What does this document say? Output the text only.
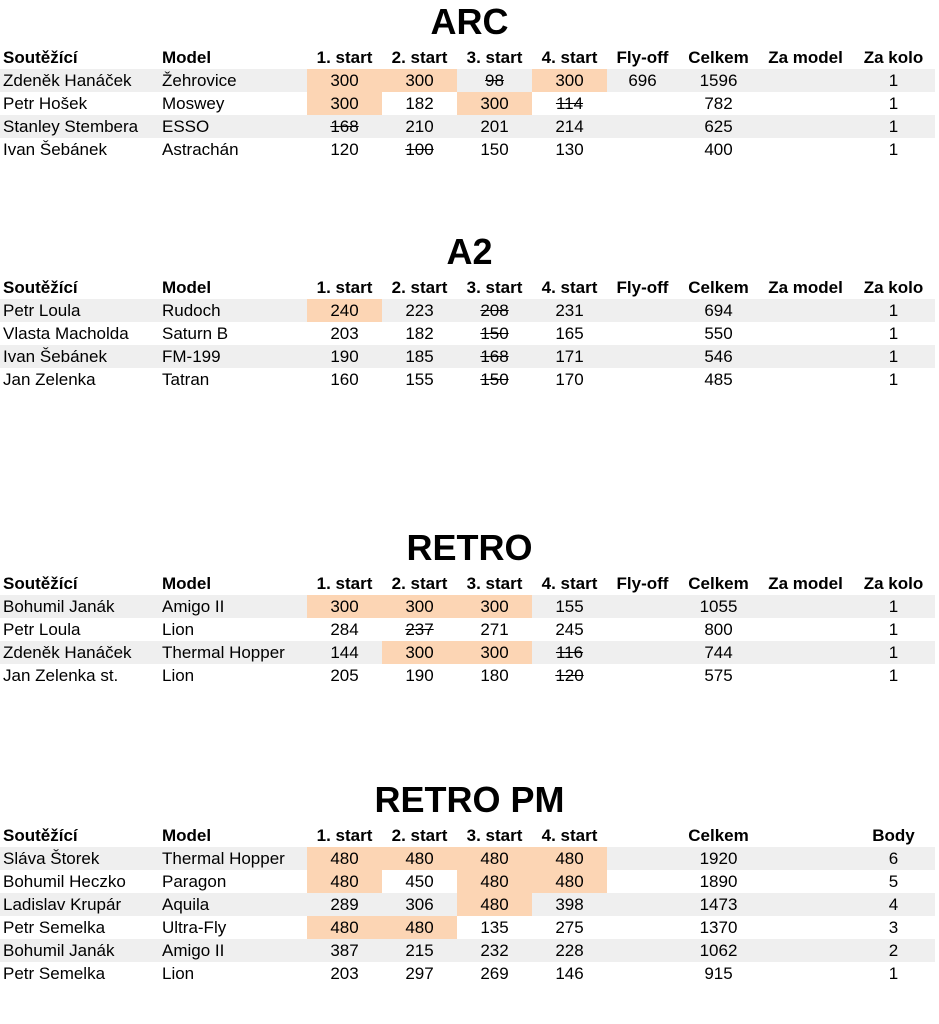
ARC
Soutěžící	Model	1. start	2. start	3. start	4. start	Fly-off	Celkem	Za model	Za kolo
Zdeněk Hanáček	Žehrovice	300	300	98	300	696	1596		1
Petr Hošek	Moswey	300	182	300	114		782		1
Stanley Stembera	ESSO	168	210	201	214		625		1
Ivan Šebánek	Astrachán	120	100	150	130		400		1
A2
Soutěžící	Model	1. start	2. start	3. start	4. start	Fly-off	Celkem	Za model	Za kolo
Petr Loula	Rudoch	240	223	208	231		694		1
Vlasta Macholda	Saturn B	203	182	150	165		550		1
Ivan Šebánek	FM-199	190	185	168	171		546		1
Jan Zelenka	Tatran	160	155	150	170		485		1
RETRO
Soutěžící	Model	1. start	2. start	3. start	4. start	Fly-off	Celkem	Za model	Za kolo
Bohumil Janák	Amigo II	300	300	300	155		1055		1
Petr Loula	Lion	284	237	271	245		800		1
Zdeněk Hanáček	Thermal Hopper	144	300	300	116		744		1
Jan Zelenka st.	Lion	205	190	180	120		575		1
RETRO PM
Soutěžící	Model	1. start	2. start	3. start	4. start		Celkem		Body
Sláva Štorek	Thermal Hopper	480	480	480	480		1920		6
Bohumil Heczko	Paragon	480	450	480	480		1890		5
Ladislav Krupár	Aquila	289	306	480	398		1473		4
Petr Semelka	Ultra-Fly	480	480	135	275		1370		3
Bohumil Janák	Amigo II	387	215	232	228		1062		2
Petr Semelka	Lion	203	297	269	146		915		1
